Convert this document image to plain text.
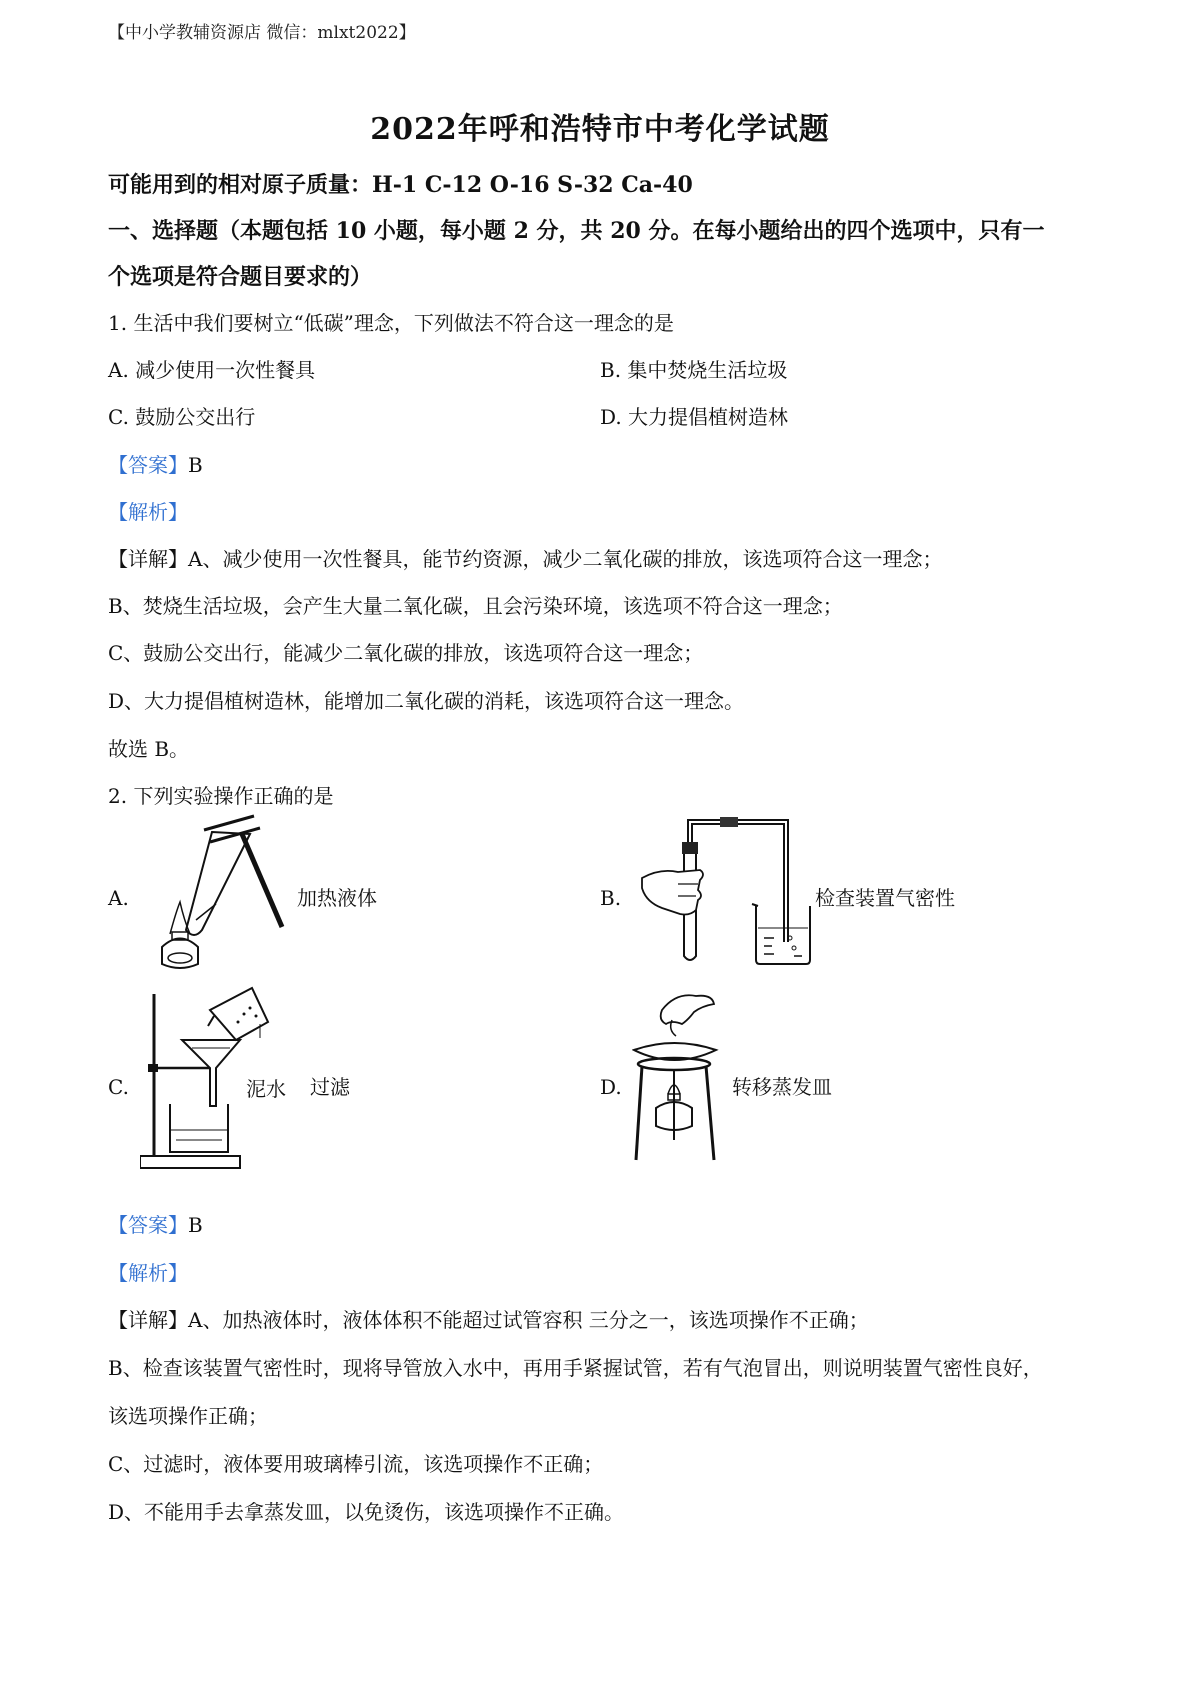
【中小学教辅资源店 微信：mlxt2022】
2022年呼和浩特市中考化学试题
可能用到的相对原子质量：H-1 C-12 O-16 S-32 Ca-40
一、选择题（本题包括 10 小题，每小题 2 分，共 20 分。在每小题给出的四个选项中，只有一
个选项是符合题目要求的）
1. 生活中我们要树立“低碳”理念，下列做法不符合这一理念的是
A. 减少使用一次性餐具	B. 集中焚烧生活垃圾
C. 鼓励公交出行	D. 大力提倡植树造林
【答案】B
【解析】
【详解】A、减少使用一次性餐具，能节约资源，减少二氧化碳的排放，该选项符合这一理念；
B、焚烧生活垃圾，会产生大量二氧化碳，且会污染环境，该选项不符合这一理念；
C、鼓励公交出行，能减少二氧化碳的排放，该选项符合这一理念；
D、大力提倡植树造林，能增加二氧化碳的消耗，该选项符合这一理念。
故选 B。
2. 下列实验操作正确的是
A.	加热液体	B.	检查装置气密性
C.	泥水 过滤	D.	转移蒸发皿
【答案】B
【解析】
【详解】A、加热液体时，液体体积不能超过试管容积 三分之一，该选项操作不正确；
B、检查该装置气密性时，现将导管放入水中，再用手紧握试管，若有气泡冒出，则说明装置气密性良好，
该选项操作正确；
C、过滤时，液体要用玻璃棒引流，该选项操作不正确；
D、不能用手去拿蒸发皿，以免烫伤，该选项操作不正确。
